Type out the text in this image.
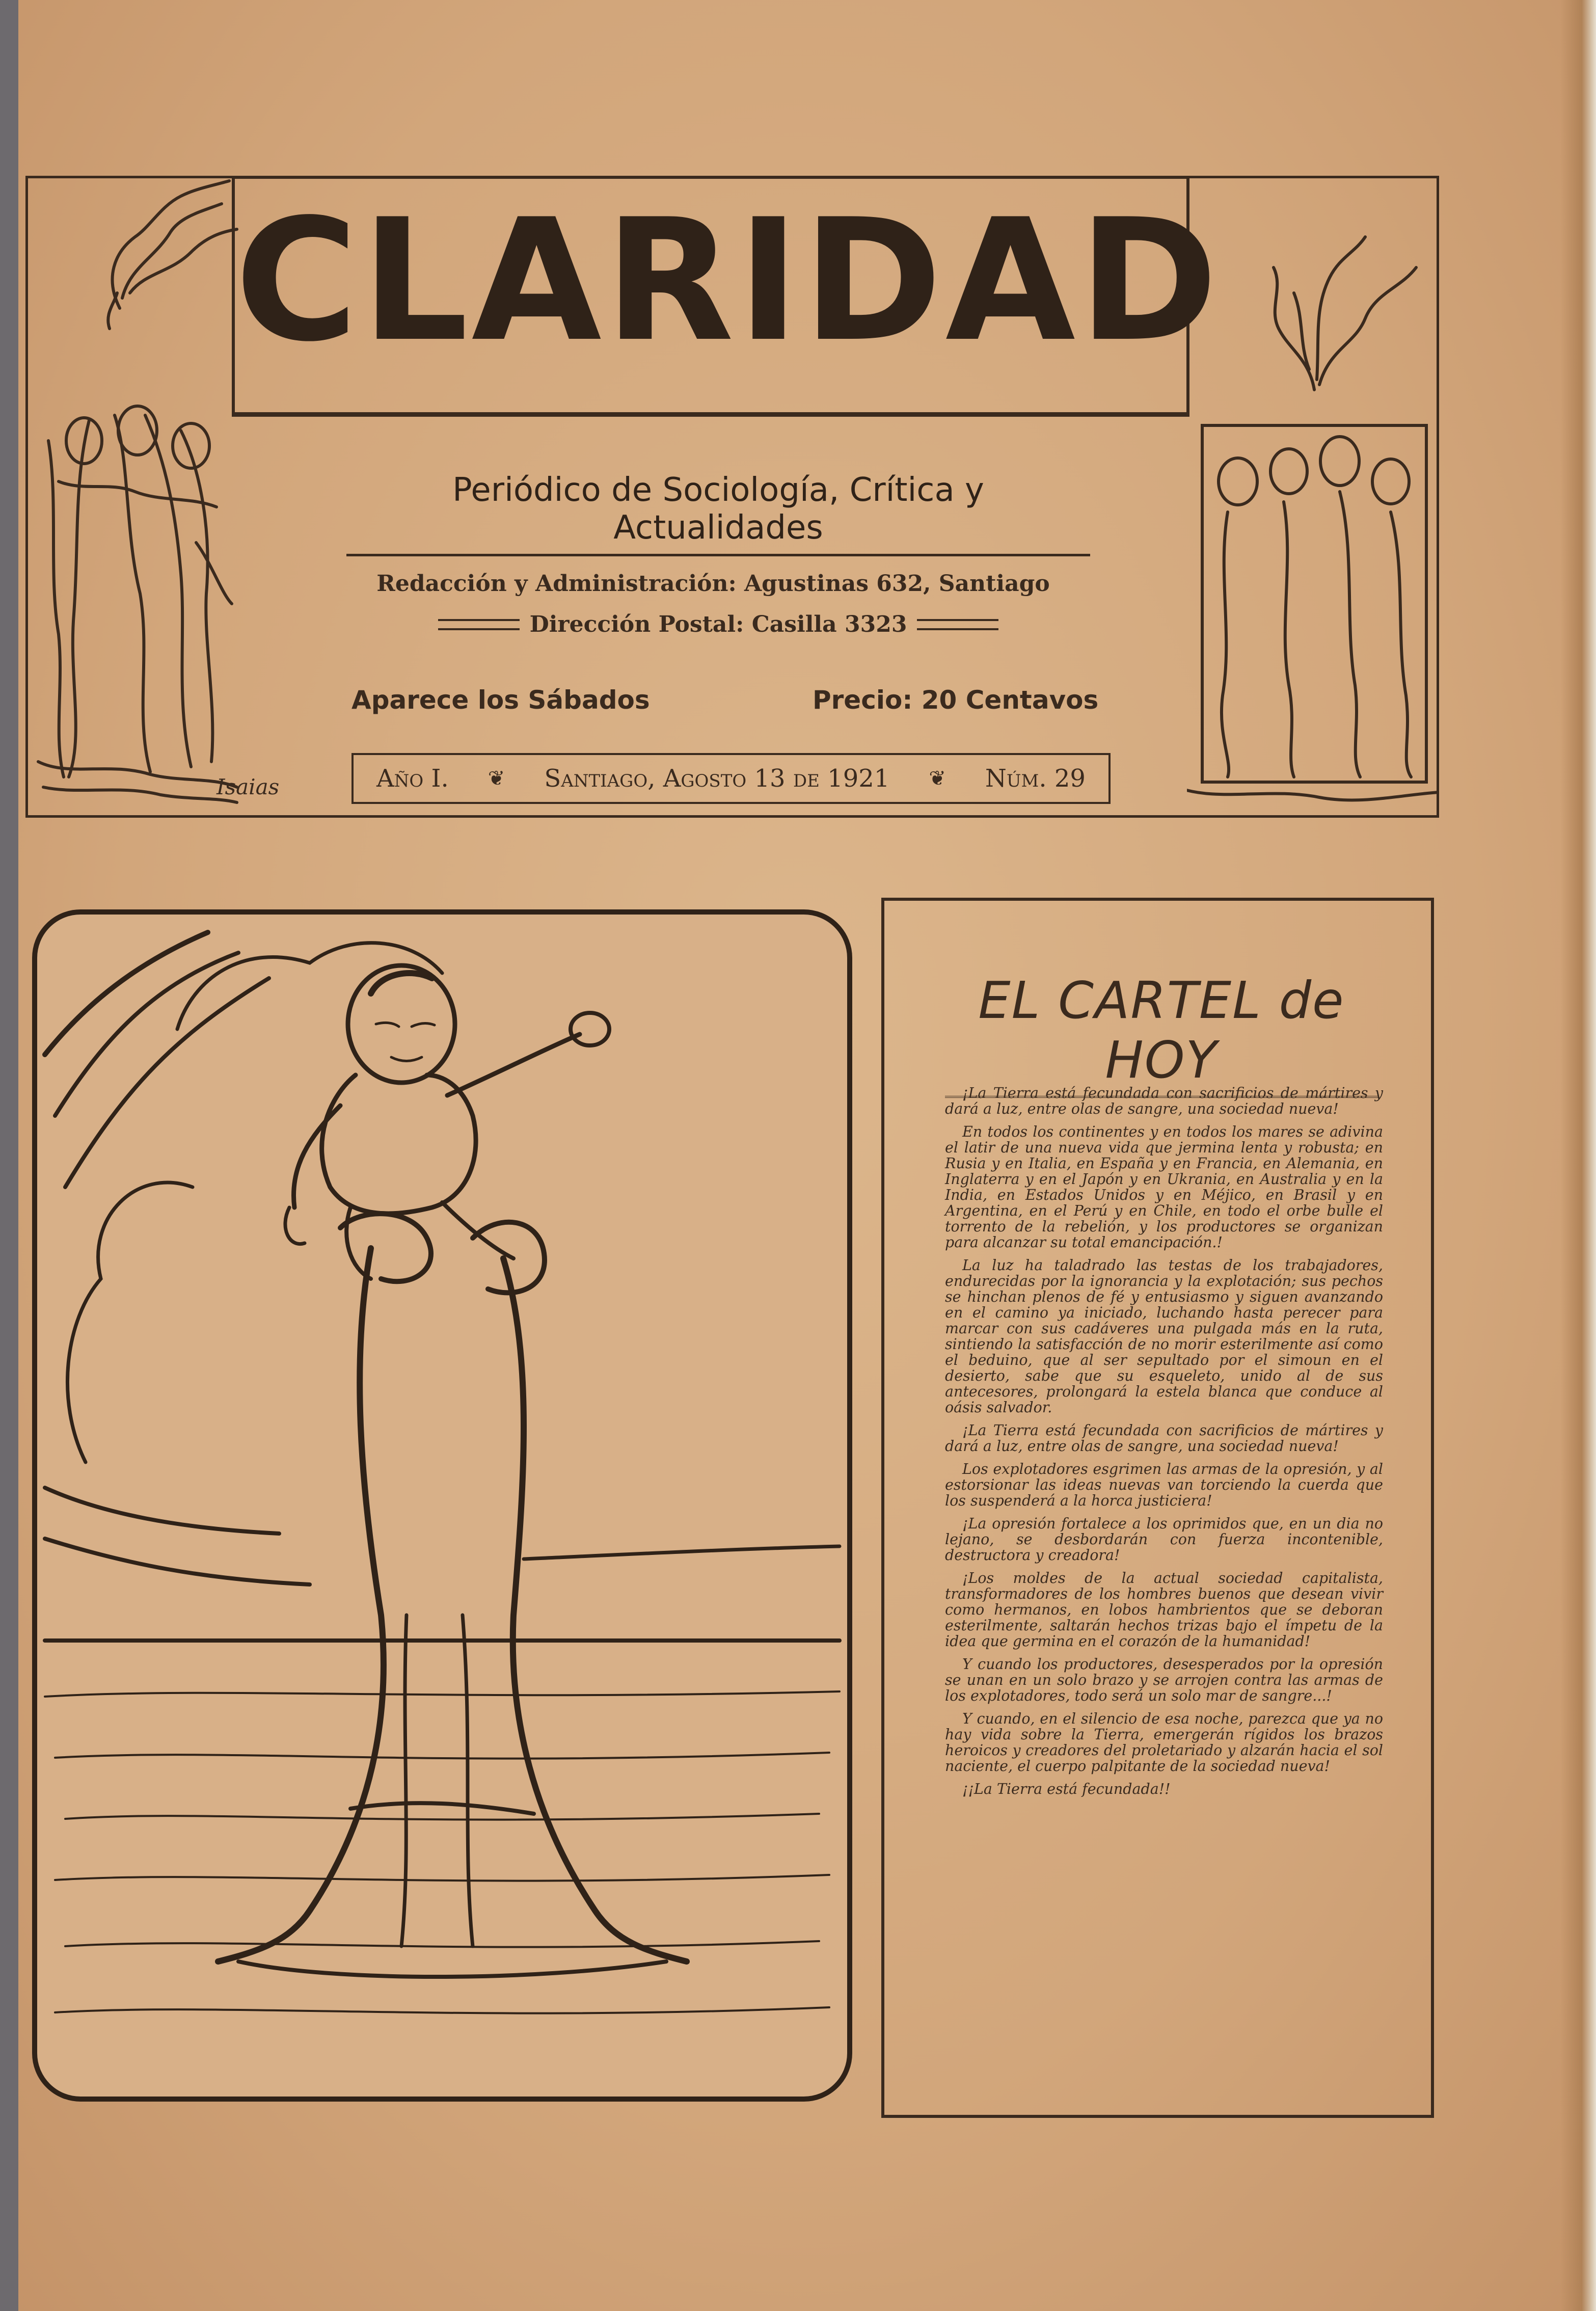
CLARIDAD
Periódico de Sociología, Crítica y Actualidades
Redacción y Administración: Agustinas 632, Santiago
Dirección Postal: Casilla 3323
Aparece los Sábados	Precio: 20 Centavos
Isaias	Año I. ❦ Santiago, Agosto 13 de 1921 ❦ Núm. 29
EL CARTEL de HOY

¡La Tierra está fecundada con sacrificios de mártires y dará a luz, entre olas de sangre, una sociedad nueva!

En todos los continentes y en todos los mares se adivina el latir de una nueva vida que jermina lenta y robusta; en Rusia y en Italia, en España y en Francia, en Alemania, en Inglaterra y en el Japón y en Ukrania, en Australia y en la India, en Estados Unidos y en Méjico, en Brasil y en Argentina, en el Perú y en Chile, en todo el orbe bulle el torrento de la rebelión, y los productores se organizan para alcanzar su total emancipación.!

La luz ha taladrado las testas de los trabajadores, endurecidas por la ignorancia y la explotación; sus pechos se hinchan plenos de fé y entusiasmo y siguen avanzando en el camino ya iniciado, luchando hasta perecer para marcar con sus cadáveres una pulgada más en la ruta, sintiendo la satisfacción de no morir esterilmente así como el beduino, que al ser sepultado por el simoun en el desierto, sabe que su esqueleto, unido al de sus antecesores, prolongará la estela blanca que conduce al oásis salvador.

¡La Tierra está fecundada con sacrificios de mártires y dará a luz, entre olas de sangre, una sociedad nueva!

Los explotadores esgrimen las armas de la opresión, y al estorsionar las ideas nuevas van torciendo la cuerda que los suspenderá a la horca justiciera!

¡La opresión fortalece a los oprimidos que, en un dia no lejano, se desbordarán con fuerza incontenible, destructora y creadora!

¡Los moldes de la actual sociedad capitalista, transformadores de los hombres buenos que desean vivir como hermanos, en lobos hambrientos que se deboran esterilmente, saltarán hechos trizas bajo el ímpetu de la idea que germina en el corazón de la humanidad!

Y cuando los productores, desesperados por la opresión se unan en un solo brazo y se arrojen contra las armas de los explotadores, todo será un solo mar de sangre...!

Y cuando, en el silencio de esa noche, parezca que ya no hay vida sobre la Tierra, emergerán rígidos los brazos heroicos y creadores del proletariado y alzarán hacia el sol naciente, el cuerpo palpitante de la sociedad nueva!

¡¡La Tierra está fecundada!!
